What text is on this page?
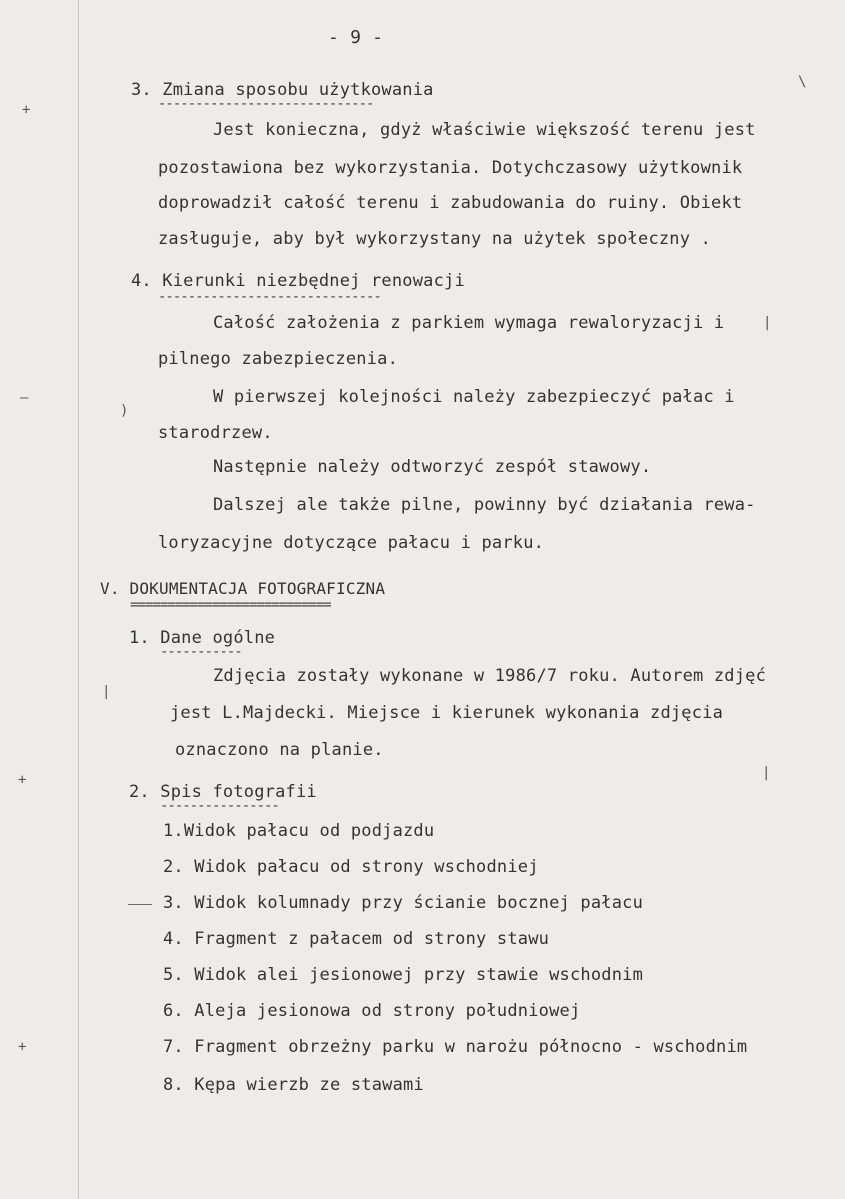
+
—
+
+
)
|
\
|
|
- 9 -
3. Zmiana sposobu użytkowania
-----------------------------
Jest konieczna, gdyż właściwie większość terenu jest
pozostawiona bez wykorzystania. Dotychczasowy użytkownik
doprowadził całość terenu i zabudowania do ruiny. Obiekt
zasługuje, aby był wykorzystany na użytek społeczny .
4. Kierunki niezbędnej renowacji
------------------------------
Całość założenia z parkiem wymaga rewaloryzacji i
pilnego zabezpieczenia.
W pierwszej kolejności należy zabezpieczyć pałac i
starodrzew.
Następnie należy odtworzyć zespół stawowy.
Dalszej ale także pilne, powinny być działania rewa-
loryzacyjne dotyczące pałacu i parku.
V. DOKUMENTACJA FOTOGRAFICZNA
===========================
1. Dane ogólne
-----------
Zdjęcia zostały wykonane w 1986/7 roku. Autorem zdjęć
jest L.Majdecki. Miejsce i kierunek wykonania zdjęcia
oznaczono na planie.
2. Spis fotografii
----------------
1.Widok pałacu od podjazdu
2. Widok pałacu od strony wschodniej
3. Widok kolumnady przy ścianie bocznej pałacu
4. Fragment z pałacem od strony stawu
5. Widok alei jesionowej przy stawie wschodnim
6. Aleja jesionowa od strony południowej
7. Fragment obrzeżny parku w narożu północno - wschodnim
8. Kępa wierzb ze stawami
